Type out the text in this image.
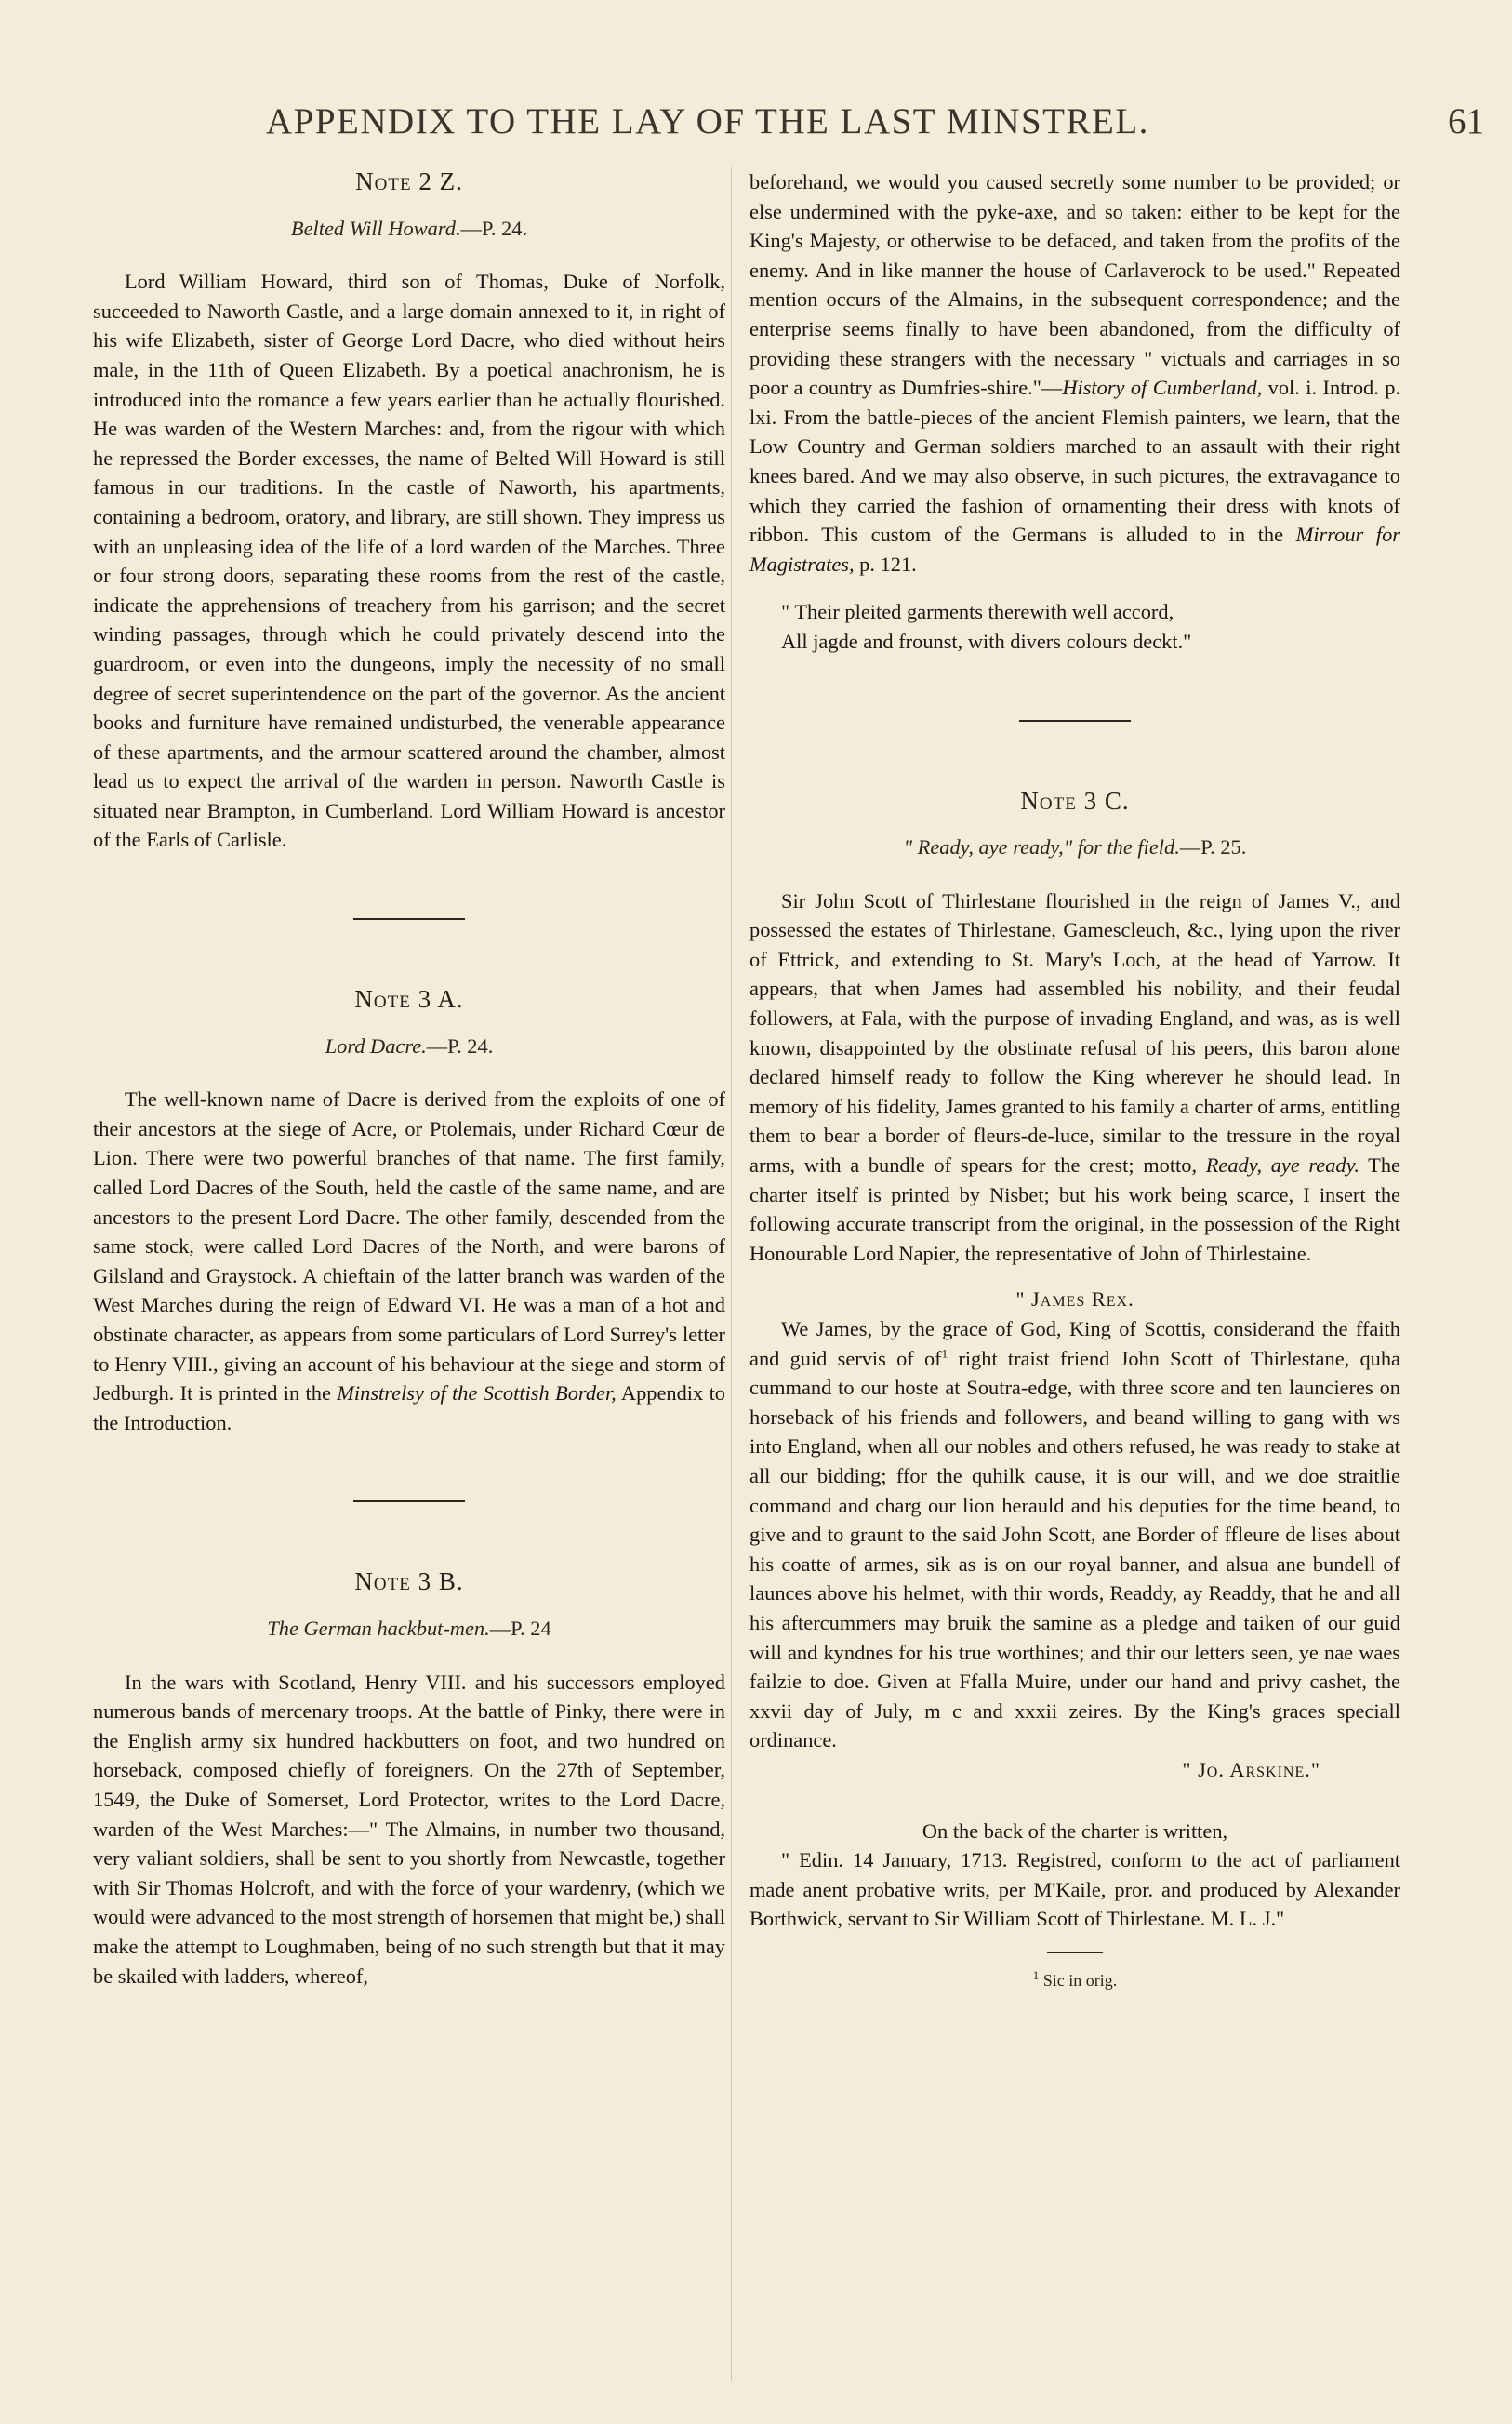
APPENDIX TO THE LAY OF THE LAST MINSTREL.	61
Note 2 Z.

Belted Will Howard.—P. 24.

Lord William Howard, third son of Thomas, Duke of Norfolk, succeeded to Naworth Castle, and a large domain annexed to it, in right of his wife Elizabeth, sister of George Lord Dacre, who died without heirs male, in the 11th of Queen Elizabeth. By a poetical anachronism, he is introduced into the romance a few years earlier than he actually flourished. He was warden of the Western Marches: and, from the rigour with which he repressed the Border excesses, the name of Belted Will Howard is still famous in our traditions. In the castle of Naworth, his apartments, containing a bedroom, oratory, and library, are still shown. They impress us with an unpleasing idea of the life of a lord warden of the Marches. Three or four strong doors, separating these rooms from the rest of the castle, indicate the apprehensions of treachery from his garrison; and the secret winding passages, through which he could privately descend into the guardroom, or even into the dungeons, imply the necessity of no small degree of secret superintendence on the part of the governor. As the ancient books and furniture have remained undisturbed, the venerable appearance of these apartments, and the armour scattered around the chamber, almost lead us to expect the arrival of the warden in person. Naworth Castle is situated near Brampton, in Cumberland. Lord William Howard is ancestor of the Earls of Carlisle.

Note 3 A.

Lord Dacre.—P. 24.

The well-known name of Dacre is derived from the exploits of one of their ancestors at the siege of Acre, or Ptolemais, under Richard Cœur de Lion. There were two powerful branches of that name. The first family, called Lord Dacres of the South, held the castle of the same name, and are ancestors to the present Lord Dacre. The other family, descended from the same stock, were called Lord Dacres of the North, and were barons of Gilsland and Graystock. A chieftain of the latter branch was warden of the West Marches during the reign of Edward VI. He was a man of a hot and obstinate character, as appears from some particulars of Lord Surrey's letter to Henry VIII., giving an account of his behaviour at the siege and storm of Jedburgh. It is printed in the Minstrelsy of the Scottish Border, Appendix to the Introduction.

Note 3 B.

The German hackbut-men.—P. 24

In the wars with Scotland, Henry VIII. and his successors employed numerous bands of mercenary troops. At the battle of Pinky, there were in the English army six hundred hackbutters on foot, and two hundred on horseback, composed chiefly of foreigners. On the 27th of September, 1549, the Duke of Somerset, Lord Protector, writes to the Lord Dacre, warden of the West Marches:—" The Almains, in number two thousand, very valiant soldiers, shall be sent to you shortly from Newcastle, together with Sir Thomas Holcroft, and with the force of your wardenry, (which we would were advanced to the most strength of horsemen that might be,) shall make the attempt to Loughmaben, being of no such strength but that it may be skailed with ladders, whereof,

beforehand, we would you caused secretly some number to be provided; or else undermined with the pyke-axe, and so taken: either to be kept for the King's Majesty, or otherwise to be defaced, and taken from the profits of the enemy. And in like manner the house of Carlaverock to be used." Repeated mention occurs of the Almains, in the subsequent correspondence; and the enterprise seems finally to have been abandoned, from the difficulty of providing these strangers with the necessary " victuals and carriages in so poor a country as Dumfries-shire."—History of Cumberland, vol. i. Introd. p. lxi. From the battle-pieces of the ancient Flemish painters, we learn, that the Low Country and German soldiers marched to an assault with their right knees bared. And we may also observe, in such pictures, the extravagance to which they carried the fashion of ornamenting their dress with knots of ribbon. This custom of the Germans is alluded to in the Mirrour for Magistrates, p. 121.

" Their pleited garments therewith well accord,
All jagde and frounst, with divers colours deckt."
Note 3 C.

" Ready, aye ready," for the field.—P. 25.

Sir John Scott of Thirlestane flourished in the reign of James V., and possessed the estates of Thirlestane, Gamescleuch, &c., lying upon the river of Ettrick, and extending to St. Mary's Loch, at the head of Yarrow. It appears, that when James had assembled his nobility, and their feudal followers, at Fala, with the purpose of invading England, and was, as is well known, disappointed by the obstinate refusal of his peers, this baron alone declared himself ready to follow the King wherever he should lead. In memory of his fidelity, James granted to his family a charter of arms, entitling them to bear a border of fleurs-de-luce, similar to the tressure in the royal arms, with a bundle of spears for the crest; motto, Ready, aye ready. The charter itself is printed by Nisbet; but his work being scarce, I insert the following accurate transcript from the original, in the possession of the Right Honourable Lord Napier, the representative of John of Thirlestaine.

" James Rex.

We James, by the grace of God, King of Scottis, considerand the ffaith and guid servis of $of^1$ right traist friend John Scott of Thirlestane, quha cummand to our hoste at Soutra-edge, with three score and ten launcieres on horseback of his friends and followers, and beand willing to gang with ws into England, when all our nobles and others refused, he was ready to stake at all our bidding; ffor the quhilk cause, it is our will, and we doe straitlie command and charg our lion herauld and his deputies for the time beand, to give and to graunt to the said John Scott, ane Border of ffleure de lises about his coatte of armes, sik as is on our royal banner, and alsua ane bundell of launces above his helmet, with thir words, Readdy, ay Readdy, that he and all his aftercummers may bruik the samine as a pledge and taiken of our guid will and kyndnes for his true worthines; and thir our letters seen, ye nae waes failzie to doe. Given at Ffalla Muire, under our hand and privy cashet, the xxvii day of July, m c and xxxii zeires. By the King's graces speciall ordinance.

" Jo. Arskine."

On the back of the charter is written,

" Edin. 14 January, 1713. Registred, conform to the act of parliament made anent probative writs, per M'Kaile, pror. and produced by Alexander Borthwick, servant to Sir William Scott of Thirlestane. M. L. J."

$^1$ Sic in orig.
